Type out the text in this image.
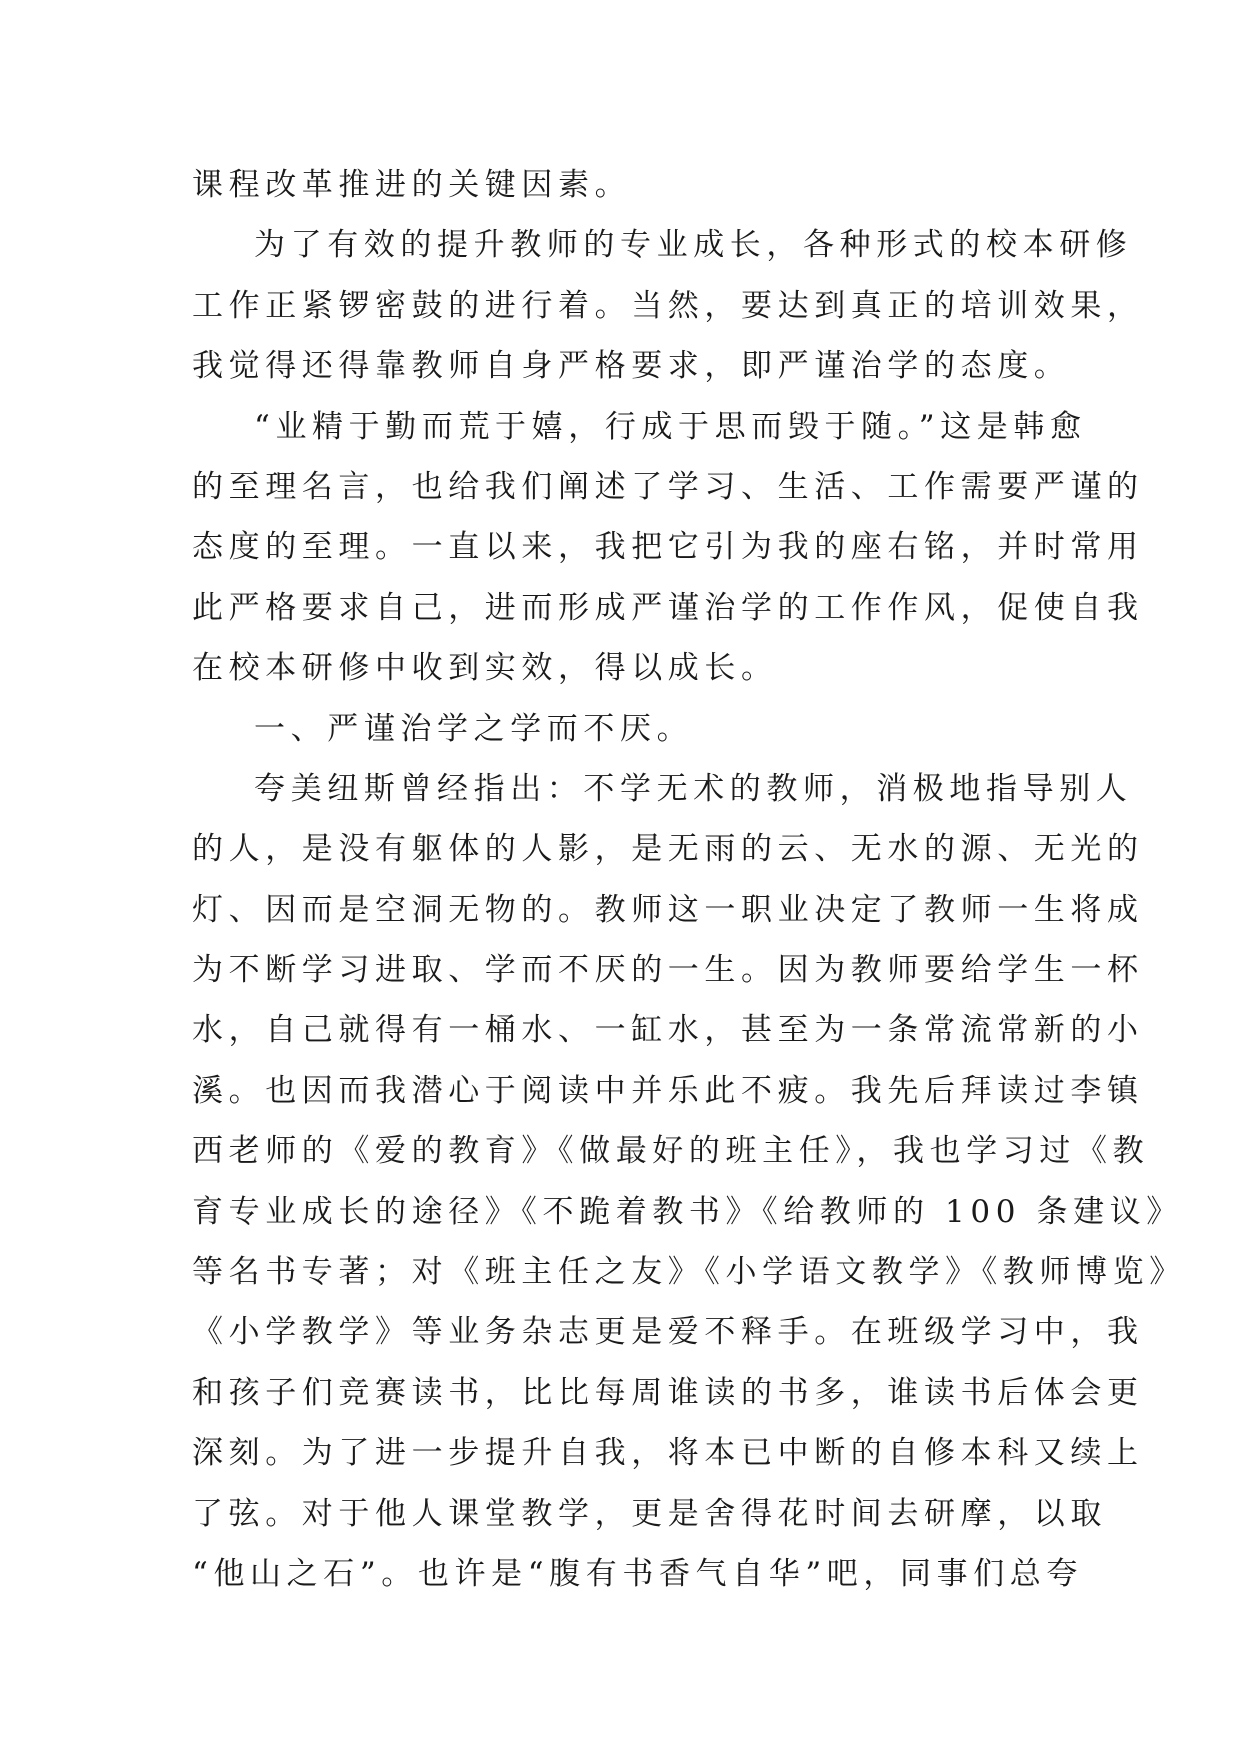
课程改革推进的关键因素。
为了有效的提升教师的专业成长，各种形式的校本研修
工作正紧锣密鼓的进行着。当然，要达到真正的培训效果，
我觉得还得靠教师自身严格要求，即严谨治学的态度。
“业精于勤而荒于嬉，行成于思而毁于随。”这是韩愈
的至理名言，也给我们阐述了学习、生活、工作需要严谨的
态度的至理。一直以来，我把它引为我的座右铭，并时常用
此严格要求自己，进而形成严谨治学的工作作风，促使自我
在校本研修中收到实效，得以成长。
一、严谨治学之学而不厌。
夸美纽斯曾经指出：不学无术的教师，消极地指导别人
的人，是没有躯体的人影，是无雨的云、无水的源、无光的
灯、因而是空洞无物的。教师这一职业决定了教师一生将成
为不断学习进取、学而不厌的一生。因为教师要给学生一杯
水，自己就得有一桶水、一缸水，甚至为一条常流常新的小
溪。也因而我潜心于阅读中并乐此不疲。我先后拜读过李镇
西老师的《爱的教育》《做最好的班主任》，我也学习过《教
育专业成长的途径》《不跪着教书》《给教师的 100 条建议》
等名书专著；对《班主任之友》《小学语文教学》《教师博览》
《小学教学》等业务杂志更是爱不释手。在班级学习中，我
和孩子们竞赛读书，比比每周谁读的书多，谁读书后体会更
深刻。为了进一步提升自我，将本已中断的自修本科又续上
了弦。对于他人课堂教学，更是舍得花时间去研摩，以取
“他山之石”。也许是“腹有书香气自华”吧，同事们总夸
